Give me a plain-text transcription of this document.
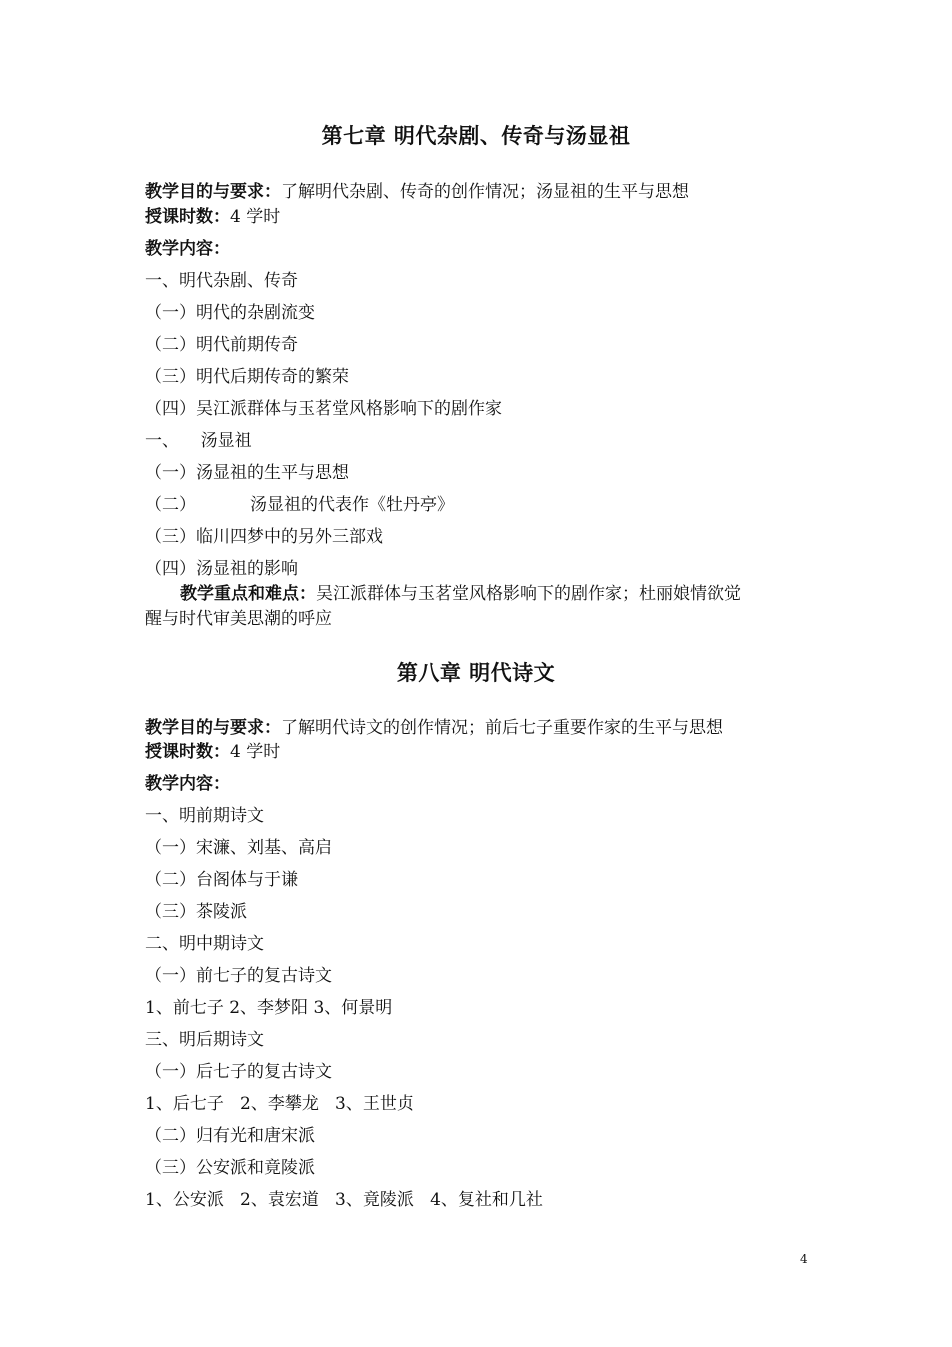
第七章 明代杂剧、传奇与汤显祖
教学目的与要求：了解明代杂剧、传奇的创作情况；汤显祖的生平与思想
授课时数：4 学时
教学内容：
一、明代杂剧、传奇
（一）明代的杂剧流变
（二）明代前期传奇
（三）明代后期传奇的繁荣
（四）吴江派群体与玉茗堂风格影响下的剧作家
一、    汤显祖
（一）汤显祖的生平与思想
（二）          汤显祖的代表作《牡丹亭》
（三）临川四梦中的另外三部戏
（四）汤显祖的影响
教学重点和难点：吴江派群体与玉茗堂风格影响下的剧作家；杜丽娘情欲觉
醒与时代审美思潮的呼应
第八章 明代诗文
教学目的与要求：了解明代诗文的创作情况；前后七子重要作家的生平与思想
授课时数：4 学时
教学内容：
一、明前期诗文
（一）宋濂、刘基、高启
（二）台阁体与于谦
（三）茶陵派
二、明中期诗文
（一）前七子的复古诗文
1、前七子 2、李梦阳 3、何景明
三、明后期诗文
（一）后七子的复古诗文
1、后七子   2、李攀龙   3、王世贞
（二）归有光和唐宋派
（三）公安派和竟陵派
1、公安派   2、袁宏道   3、竟陵派   4、复社和几社
4
